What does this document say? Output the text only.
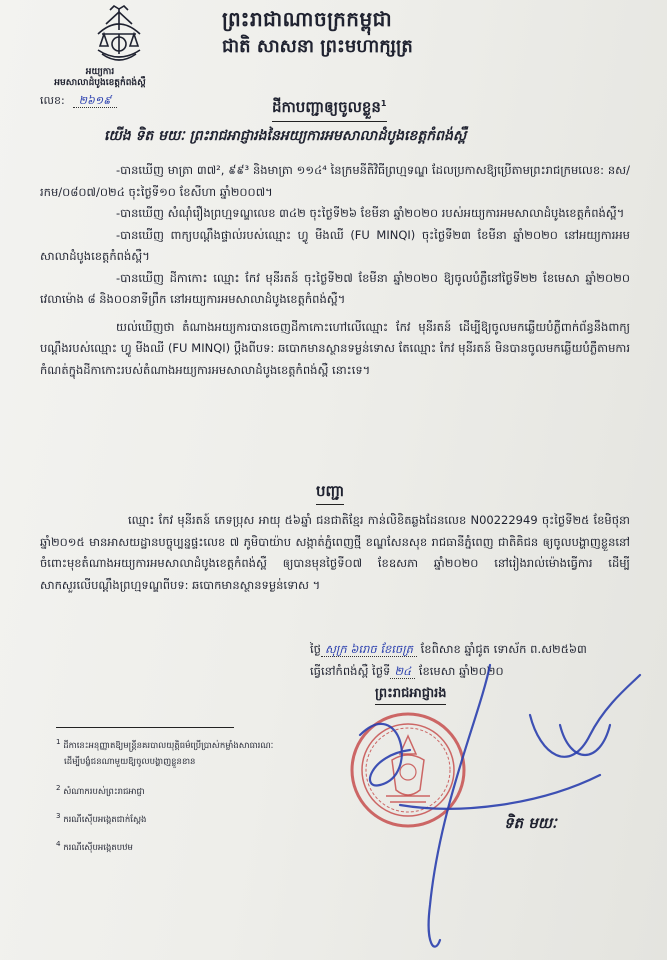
អយ្យការ
អមសាលាដំបូងខេត្តកំពង់ស្ពឺ
លេខ: ២៦១៩
ព្រះរាជាណាចក្រកម្ពុជា
ជាតិ សាសនា ព្រះមហាក្សត្រ
ដីកាបញ្ជាឲ្យចូលខ្លួន$^1$
យើង ទិត មយៈ ព្រះរាជអាជ្ញារងនៃអយ្យការអមសាលាដំបូងខេត្តកំពង់ស្ពឺ

-បានឃើញ មាត្រា ៣៧², ៩៩³ និងមាត្រា ១១៤⁴ នៃក្រមនីតិវិធីព្រហ្មទណ្ឌ ដែលប្រកាសឱ្យប្រើតាមព្រះរាជក្រមលេខ: នស/រកម/០៨០៧/០២៤ ចុះថ្ងៃទី១០ ខែសីហា ឆ្នាំ២០០៧។

-បានឃើញ សំណុំរឿងព្រហ្មទណ្ឌលេខ ៣៤២ ចុះថ្ងៃទី២៦ ខែមីនា ឆ្នាំ២០២០ របស់អយ្យការអមសាលាដំបូងខេត្តកំពង់ស្ពឺ។

-បានឃើញ ពាក្យបណ្តឹងផ្ទាល់របស់ឈ្មោះ ហ្វូ មីងឈី (FU MINQI) ចុះថ្ងៃទី២៣ ខែមីនា ឆ្នាំ២០២០ នៅអយ្យការអមសាលាដំបូងខេត្តកំពង់ស្ពឺ។

-បានឃើញ ដីកាកោះ ឈ្មោះ កែវ មុនីរតន៍ ចុះថ្ងៃទី២៧ ខែមីនា ឆ្នាំ២០២០ ឱ្យចូលបំភ្លឺនៅថ្ងៃទី២២ ខែមេសា ឆ្នាំ២០២០ វេលាម៉ោង ៨ និង០០នាទីព្រឹក នៅអយ្យការអមសាលាដំបូងខេត្តកំពង់ស្ពឺ។

យល់ឃើញថា តំណាងអយ្យការបានចេញដីកាកោះហៅលើឈ្មោះ កែវ មុនីរតន៍ ដើម្បីឱ្យចូលមកឆ្លើយបំភ្លឺពាក់ព័ន្ធនឹងពាក្យបណ្តឹងរបស់ឈ្មោះ ហ្វូ មីងឈី (FU MINQI) ប្តឹងពីបទ: ឆបោកមានស្ថានទម្ងន់ទោស តែឈ្មោះ កែវ មុនីរតន៍ មិនបានចូលមកឆ្លើយបំភ្លឺតាមការកំណត់ក្នុងដីកាកោះរបស់តំណាងអយ្យការអមសាលាដំបូងខេត្តកំពង់ស្ពឺ នោះទេ។

បញ្ជា

ឈ្មោះ កែវ មុនីរតន៍ ភេទប្រុស អាយុ ៥៦ឆ្នាំ ជនជាតិខ្មែរ កាន់លិខិតឆ្លងដែនលេខ N00222949 ចុះថ្ងៃទី២៥ ខែមិថុនា ឆ្នាំ២០១៥ មានអាសយដ្ឋានបច្ចុប្បន្នផ្ទះលេខ ៧ ភូមិបាយ៉ាប សង្កាត់ភ្នំពេញថ្មី ខណ្ឌសែនសុខ រាជធានីភ្នំពេញ ជាតិគិជន ឲ្យចូលបង្ហាញខ្លួននៅចំពោះមុខតំណាងអយ្យការអមសាលាដំបូងខេត្តកំពង់ស្ពឺ ឲ្យបានមុនថ្ងៃទី០៧ ខែឧសភា ឆ្នាំ២០២០ នៅរៀងរាល់ម៉ោងធ្វើការ ដើម្បីសាកសួរលើបណ្តឹងព្រហ្មទណ្ឌពីបទ: ឆបោកមានស្ថានទម្ងន់ទោស ។

ថ្ងៃ សុក្រ ៦រោច ខែចេត្រ ខែពិសាខ ឆ្នាំជូត ទោស័ក ព.ស២៥៦៣
ធ្វើនៅកំពង់ស្ពឺ ថ្ងៃទី ២៤ ខែមេសា ឆ្នាំ២០២០
ព្រះរាជអាជ្ញារង
ទិត មយៈ
$^1$ ដីកានេះអនុញ្ញាតឱ្យមន្ត្រីនគរបាលយុត្តិធម៌ប្រើប្រាស់កម្លាំងសាធារណៈ
ដើម្បីបង្ខំជនណាមួយឱ្យចូលបង្ហាញខ្លួនខាន
$^2$ សំណាករបស់ព្រះរាជអាជ្ញា
$^3$ ករណីស៊ើបអង្កេតជាក់ស្តែង
$^4$ ករណីស៊ើបអង្កេតបឋម
